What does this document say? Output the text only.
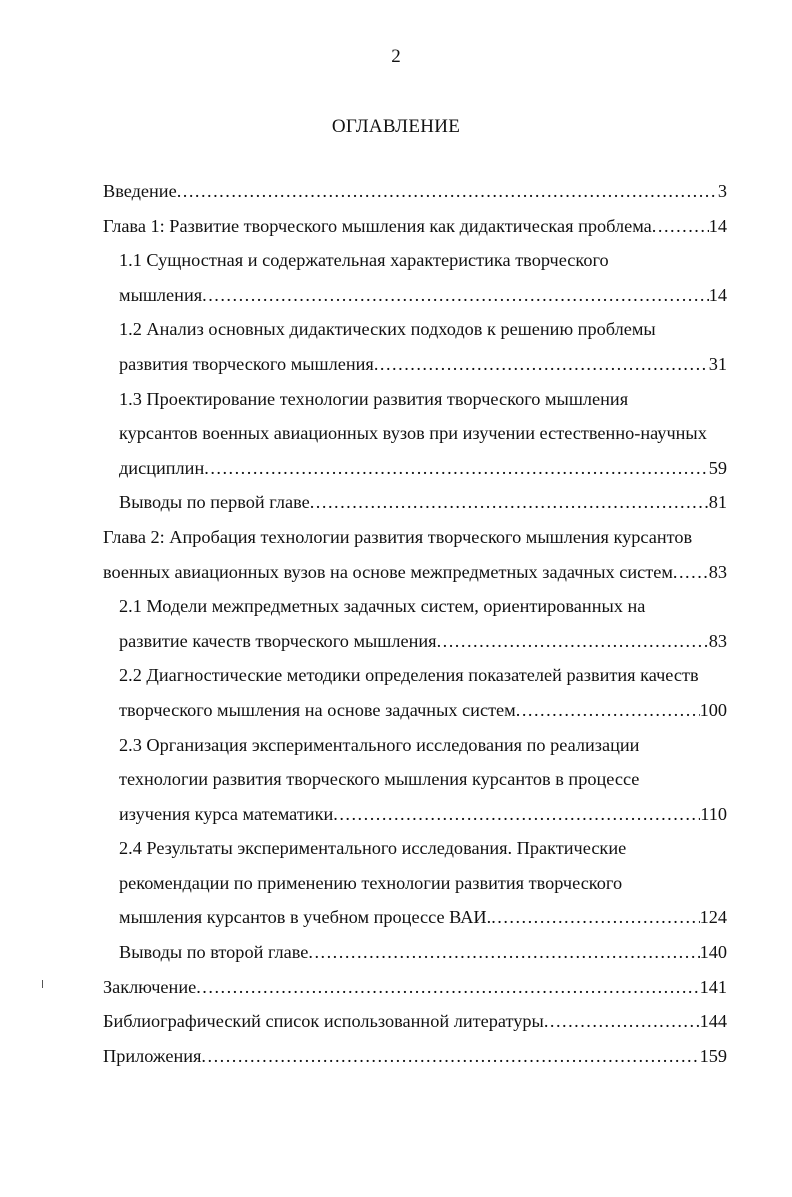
2
ОГЛАВЛЕНИЕ
Введение .....	3
Глава 1: Развитие творческого мышления как дидактическая проблема .....	14
1.1 Сущностная и содержательная характеристика творческого
мышления .....	14
1.2 Анализ основных дидактических подходов к решению проблемы
развития творческого мышления .....	31
1.3 Проектирование технологии развития творческого мышления
курсантов военных авиационных вузов при изучении естественно-научных
дисциплин .....	59
Выводы по первой главе .....	81
Глава 2: Апробация технологии развития творческого мышления курсантов
военных авиационных вузов на основе межпредметных задачных систем ..... 83
2.1 Модели межпредметных задачных систем, ориентированных на
развитие качеств творческого мышления .....	83
2.2 Диагностические методики определения показателей развития качеств
творческого мышления на основе задачных систем .....	100
2.3 Организация экспериментального исследования по реализации
технологии развития творческого мышления курсантов в процессе
изучения курса математики .....	110
2.4 Результаты экспериментального исследования. Практические
рекомендации по применению технологии развития творческого
мышления курсантов в учебном процессе ВАИ. .....	124
Выводы по второй главе .....	140
Заключение .....	141
Библиографический список использованной литературы .....	144
Приложения .....	159
